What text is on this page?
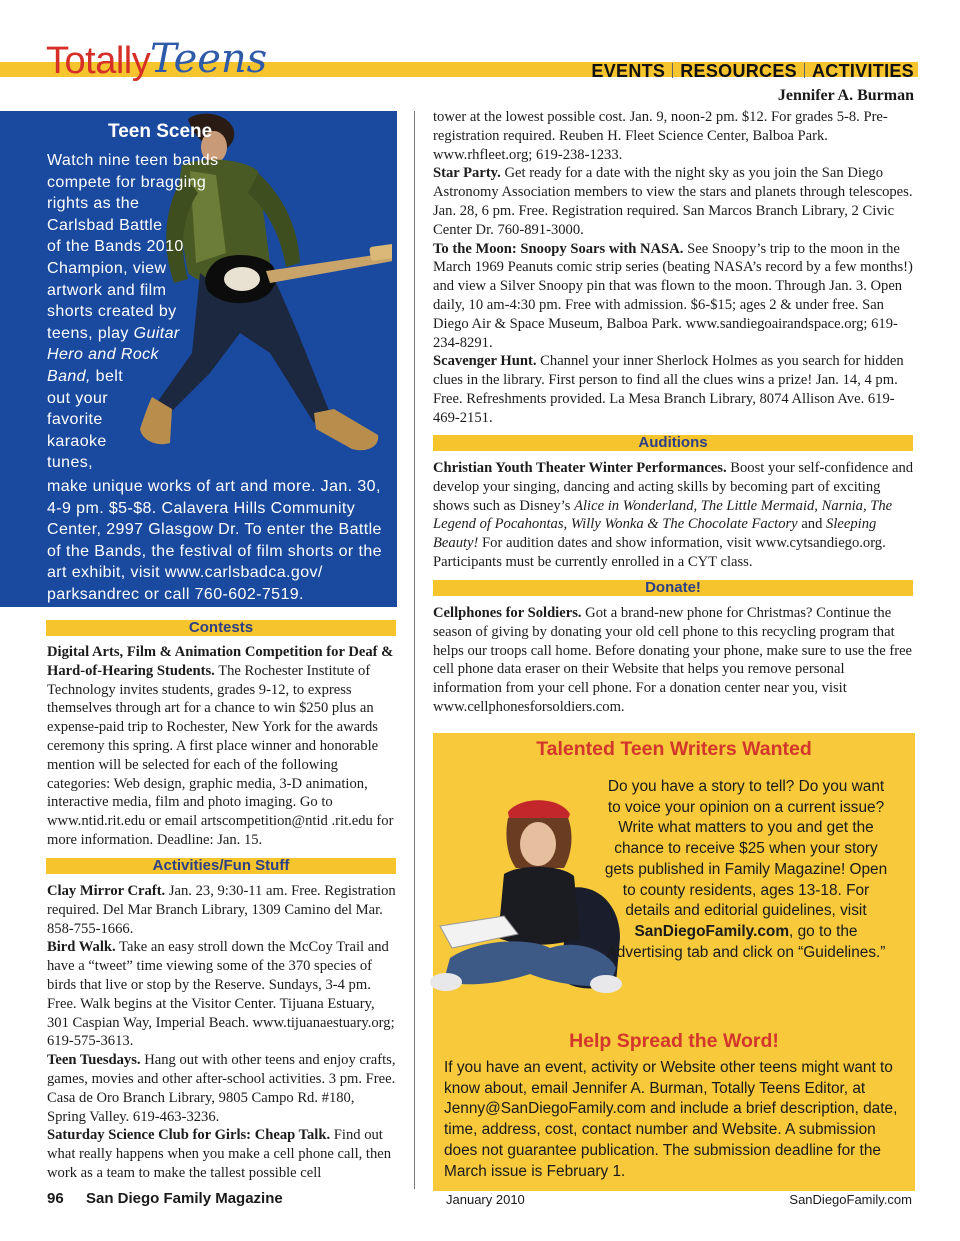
Totally Teens	EVENTS RESOURCES ACTIVITIES
Jennifer A. Burman
Teen Scene
Watch nine teen bands
compete for bragging
rights as the
Carlsbad Battle
of the Bands 2010
Champion, view
artwork and film
shorts created by
teens, play Guitar
Hero and Rock
Band, belt
out your
favorite
karaoke
tunes,
make unique works of art and more. Jan. 30, 4-9 pm. $5-$8. Calavera Hills Community Center, 2997 Glasgow Dr. To enter the Battle of the Bands, the festival of film shorts or the art exhibit, visit www.carlsbadca.gov/ parksandrec or call 760-602-7519.
Contests

Digital Arts, Film & Animation Competition for Deaf & Hard-of-Hearing Students. The Rochester Institute of Technology invites students, grades 9-12, to express themselves through art for a chance to win $250 plus an expense-paid trip to Rochester, New York for the awards ceremony this spring. A first place winner and honorable mention will be selected for each of the following categories: Web design, graphic media, 3-D animation, interactive media, film and photo imaging. Go to www.ntid.rit.edu or email artscompetition@ntid .rit.edu for more information. Deadline: Jan. 15.

Activities/Fun Stuff

Clay Mirror Craft. Jan. 23, 9:30-11 am. Free. Registration required. Del Mar Branch Library, 1309 Camino del Mar. 858-755-1666.

Bird Walk. Take an easy stroll down the McCoy Trail and have a “tweet” time viewing some of the 370 species of birds that live or stop by the Reserve. Sundays, 3-4 pm. Free. Walk begins at the Visitor Center. Tijuana Estuary, 301 Caspian Way, Imperial Beach. www.tijuanaestuary.org; 619-575-3613.

Teen Tuesdays. Hang out with other teens and enjoy crafts, games, movies and other after-school activities. 3 pm. Free. Casa de Oro Branch Library, 9805 Campo Rd. #180, Spring Valley. 619-463-3236.

Saturday Science Club for Girls: Cheap Talk. Find out what really happens when you make a cell phone call, then work as a team to make the tallest possible cell

tower at the lowest possible cost. Jan. 9, noon-2 pm. $12. For grades 5-8. Pre-registration required. Reuben H. Fleet Science Center, Balboa Park. www.rhfleet.org; 619-238-1233.

Star Party. Get ready for a date with the night sky as you join the San Diego Astronomy Association members to view the stars and planets through telescopes. Jan. 28, 6 pm. Free. Registration required. San Marcos Branch Library, 2 Civic Center Dr. 760-891-3000.

To the Moon: Snoopy Soars with NASA. See Snoopy’s trip to the moon in the March 1969 Peanuts comic strip series (beating NASA’s record by a few months!) and view a Silver Snoopy pin that was flown to the moon. Through Jan. 3. Open daily, 10 am-4:30 pm. Free with admission. $6-$15; ages 2 & under free. San Diego Air & Space Museum, Balboa Park. www.sandiegoairandspace.org; 619-234-8291.

Scavenger Hunt. Channel your inner Sherlock Holmes as you search for hidden clues in the library. First person to find all the clues wins a prize! Jan. 14, 4 pm. Free. Refreshments provided. La Mesa Branch Library, 8074 Allison Ave. 619-469-2151.

Auditions

Christian Youth Theater Winter Performances. Boost your self-confidence and develop your singing, dancing and acting skills by becoming part of exciting shows such as Disney’s Alice in Wonderland, The Little Mermaid, Narnia, The Legend of Pocahontas, Willy Wonka & The Chocolate Factory and Sleeping Beauty! For audition dates and show information, visit www.cytsandiego.org. Participants must be currently enrolled in a CYT class.

Donate!

Cellphones for Soldiers. Got a brand-new phone for Christmas? Continue the season of giving by donating your old cell phone to this recycling program that helps our troops call home. Before donating your phone, make sure to use the free cell phone data eraser on their Website that helps you remove personal information from your cell phone. For a donation center near you, visit www.cellphonesforsoldiers.com.

Talented Teen Writers Wanted
Do you have a story to tell? Do you want to voice your opinion on a current issue? Write what matters to you and get the chance to receive $25 when your story gets published in Family Magazine! Open to county residents, ages 13-18. For details and editorial guidelines, visit SanDiegoFamily.com, go to the Advertising tab and click on “Guidelines.”
Help Spread the Word!
If you have an event, activity or Website other teens might want to know about, email Jennifer A. Burman, Totally Teens Editor, at Jenny@SanDiegoFamily.com and include a brief description, date, time, address, cost, contact number and Website. A submission does not guarantee publication. The submission deadline for the March issue is February 1.
96 San Diego Family Magazine	January 2010	SanDiegoFamily.com
